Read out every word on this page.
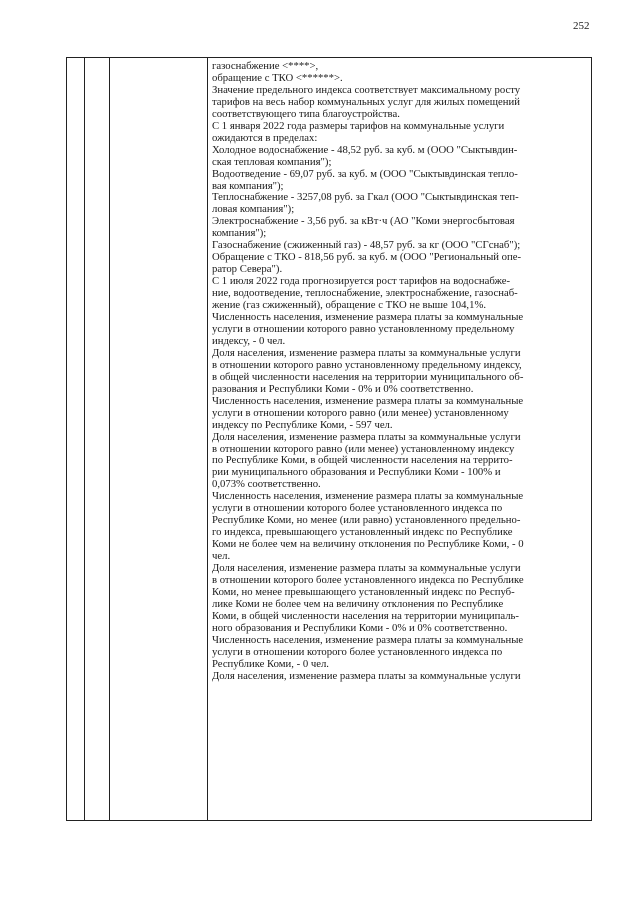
252
газоснабжение <****>,
обращение с ТКО <******>.
Значение предельного индекса соответствует максимальному росту
тарифов на весь набор коммунальных услуг для жилых помещений
соответствующего типа благоустройства.
С 1 января 2022 года размеры тарифов на коммунальные услуги
ожидаются в пределах:
Холодное водоснабжение - 48,52 руб. за куб. м (ООО "Сыктывдин-
ская тепловая компания");
Водоотведение - 69,07 руб. за куб. м (ООО "Сыктывдинская тепло-
вая компания");
Теплоснабжение - 3257,08 руб. за Гкал (ООО "Сыктывдинская теп-
ловая компания");
Электроснабжение - 3,56 руб. за кВт·ч (АО "Коми энергосбытовая
компания");
Газоснабжение (сжиженный газ) - 48,57 руб. за кг (ООО "СГснаб");
Обращение с ТКО - 818,56 руб. за куб. м (ООО "Региональный опе-
ратор Севера").
С 1 июля 2022 года прогнозируется рост тарифов на водоснабже-
ние, водоотведение, теплоснабжение, электроснабжение, газоснаб-
жение (газ сжиженный), обращение с ТКО не выше 104,1%.
Численность населения, изменение размера платы за коммунальные
услуги в отношении которого равно установленному предельному
индексу, - 0 чел.
Доля населения, изменение размера платы за коммунальные услуги
в отношении которого равно установленному предельному индексу,
в общей численности населения на территории муниципального об-
разования и Республики Коми - 0% и 0% соответственно.
Численность населения, изменение размера платы за коммунальные
услуги в отношении которого равно (или менее) установленному
индексу по Республике Коми, - 597 чел.
Доля населения, изменение размера платы за коммунальные услуги
в отношении которого равно (или менее) установленному индексу
по Республике Коми, в общей численности населения на террито-
рии муниципального образования и Республики Коми - 100% и
0,073% соответственно.
Численность населения, изменение размера платы за коммунальные
услуги в отношении которого более установленного индекса по
Республике Коми, но менее (или равно) установленного предельно-
го индекса, превышающего установленный индекс по Республике
Коми не более чем на величину отклонения по Республике Коми, - 0
чел.
Доля населения, изменение размера платы за коммунальные услуги
в отношении которого более установленного индекса по Республике
Коми, но менее превышающего установленный индекс по Респуб-
лике Коми не более чем на величину отклонения по Республике
Коми, в общей численности населения на территории муниципаль-
ного образования и Республики Коми - 0% и 0% соответственно.
Численность населения, изменение размера платы за коммунальные
услуги в отношении которого более установленного индекса по
Республике Коми, - 0 чел.
Доля населения, изменение размера платы за коммунальные услуги
